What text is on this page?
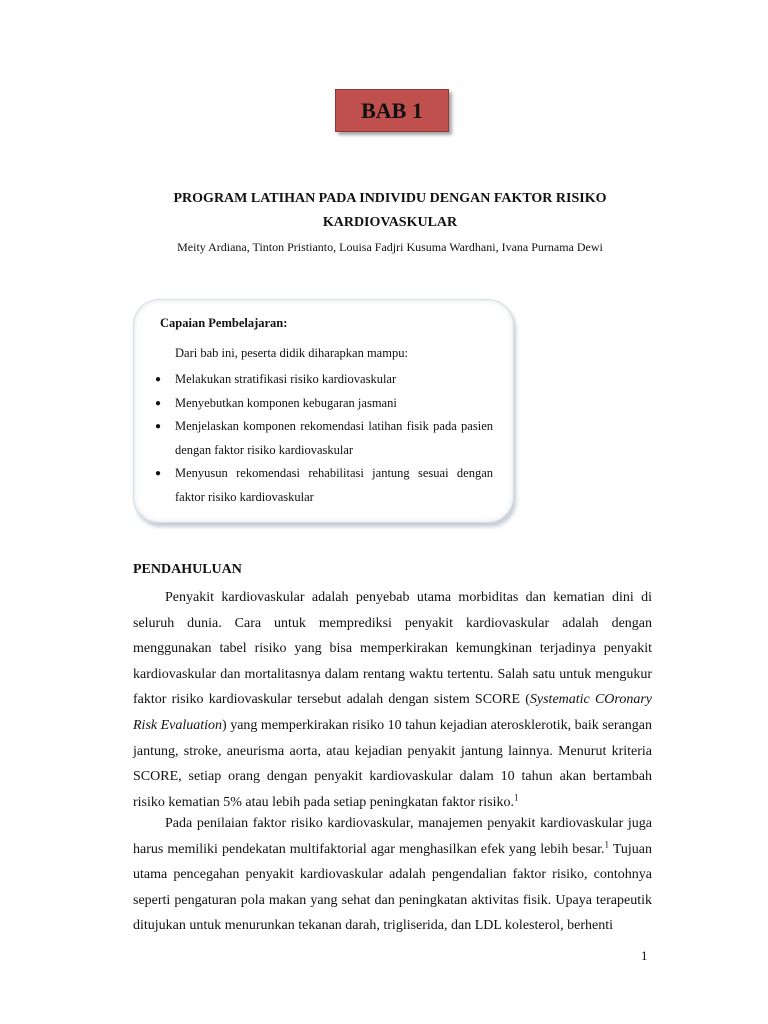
BAB 1
PROGRAM LATIHAN PADA INDIVIDU DENGAN FAKTOR RISIKO
KARDIOVASKULAR
Meity Ardiana, Tinton Pristianto, Louisa Fadjri Kusuma Wardhani, Ivana Purnama Dewi
Capaian Pembelajaran:
Dari bab ini, peserta didik diharapkan mampu:
● Melakukan stratifikasi risiko kardiovaskular
● Menyebutkan komponen kebugaran jasmani
● Menjelaskan komponen rekomendasi latihan fisik pada pasien dengan faktor risiko kardiovaskular
● Menyusun rekomendasi rehabilitasi jantung sesuai dengan faktor risiko kardiovaskular
PENDAHULUAN
Penyakit kardiovaskular adalah penyebab utama morbiditas dan kematian dini di seluruh dunia. Cara untuk memprediksi penyakit kardiovaskular adalah dengan menggunakan tabel risiko yang bisa memperkirakan kemungkinan terjadinya penyakit kardiovaskular dan mortalitasnya dalam rentang waktu tertentu. Salah satu untuk mengukur faktor risiko kardiovaskular tersebut adalah dengan sistem SCORE (Systematic COronary Risk Evaluation) yang memperkirakan risiko 10 tahun kejadian aterosklerotik, baik serangan jantung, stroke, aneurisma aorta, atau kejadian penyakit jantung lainnya. Menurut kriteria SCORE, setiap orang dengan penyakit kardiovaskular dalam 10 tahun akan bertambah risiko kematian 5% atau lebih pada setiap peningkatan faktor risiko.$^1$
Pada penilaian faktor risiko kardiovaskular, manajemen penyakit kardiovaskular juga harus memiliki pendekatan multifaktorial agar menghasilkan efek yang lebih besar.$^1$ Tujuan utama pencegahan penyakit kardiovaskular adalah pengendalian faktor risiko, contohnya seperti pengaturan pola makan yang sehat dan peningkatan aktivitas fisik. Upaya terapeutik ditujukan untuk menurunkan tekanan darah, trigliserida, dan LDL kolesterol, berhenti
1
